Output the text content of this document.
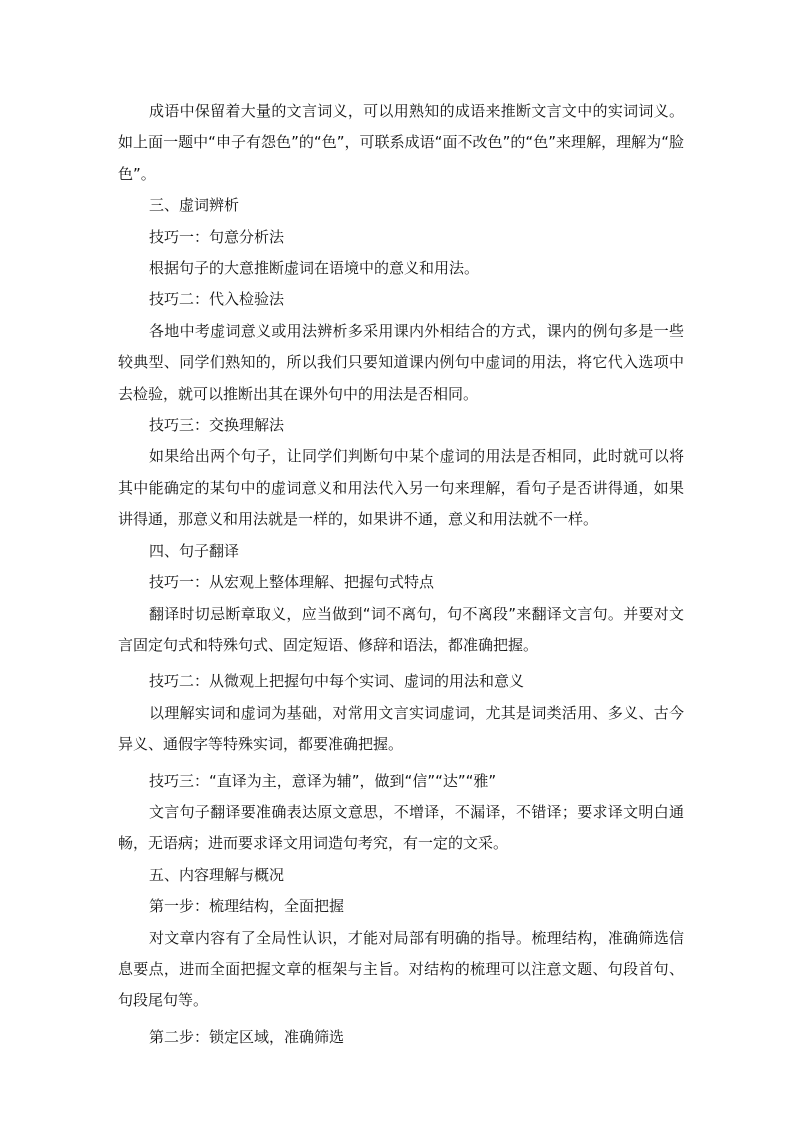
成语中保留着大量的文言词义，可以用熟知的成语来推断文言文中的实词词义。如上面一题中“申子有怨色”的“色”，可联系成语“面不改色”的“色”来理解，理解为“脸色”。

三、虚词辨析

技巧一：句意分析法

根据句子的大意推断虚词在语境中的意义和用法。

技巧二：代入检验法

各地中考虚词意义或用法辨析多采用课内外相结合的方式，课内的例句多是一些较典型、同学们熟知的，所以我们只要知道课内例句中虚词的用法，将它代入选项中去检验，就可以推断出其在课外句中的用法是否相同。

技巧三：交换理解法

如果给出两个句子，让同学们判断句中某个虚词的用法是否相同，此时就可以将其中能确定的某句中的虚词意义和用法代入另一句来理解，看句子是否讲得通，如果讲得通，那意义和用法就是一样的，如果讲不通，意义和用法就不一样。

四、句子翻译

技巧一：从宏观上整体理解、把握句式特点

翻译时切忌断章取义，应当做到“词不离句，句不离段”来翻译文言句。并要对文言固定句式和特殊句式、固定短语、修辞和语法，都准确把握。

技巧二：从微观上把握句中每个实词、虚词的用法和意义

以理解实词和虚词为基础，对常用文言实词虚词，尤其是词类活用、多义、古今异义、通假字等特殊实词，都要准确把握。

技巧三：“直译为主，意译为辅”，做到“信”“达”“雅”

文言句子翻译要准确表达原文意思，不增译，不漏译，不错译；要求译文明白通畅，无语病；进而要求译文用词造句考究，有一定的文采。

五、内容理解与概况

第一步：梳理结构，全面把握

对文章内容有了全局性认识，才能对局部有明确的指导。梳理结构，准确筛选信息要点，进而全面把握文章的框架与主旨。对结构的梳理可以注意文题、句段首句、句段尾句等。

第二步：锁定区域，准确筛选
